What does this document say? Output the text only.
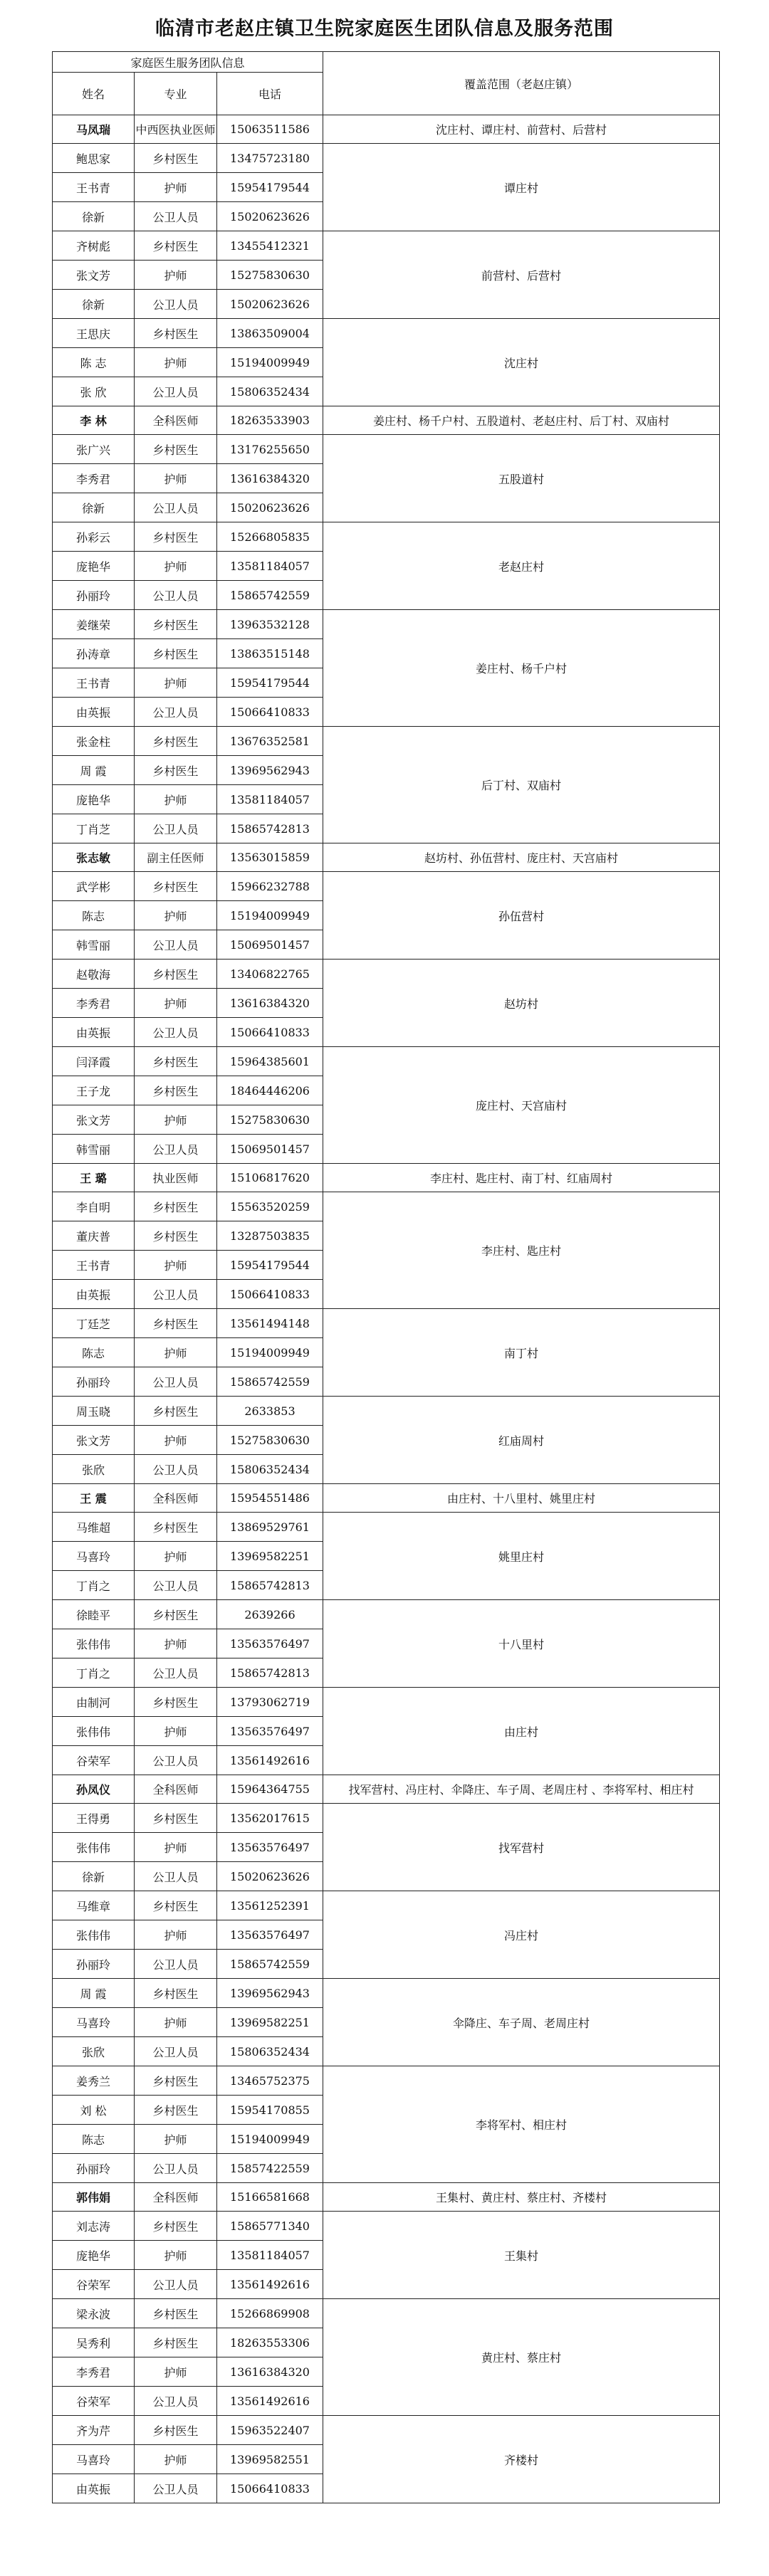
临清市老赵庄镇卫生院家庭医生团队信息及服务范围
家庭医生服务团队信息			覆盖范围（老赵庄镇）
姓名	专业	电话	
马凤瑞	中西医执业医师	15063511586	沈庄村、谭庄村、前营村、后营村
鲍思家	乡村医生	13475723180	谭庄村
王书青	护师	15954179544	
徐新	公卫人员	15020623626	
齐树彪	乡村医生	13455412321	前营村、后营村
张文芳	护师	15275830630	
徐新	公卫人员	15020623626	
王思庆	乡村医生	13863509004	沈庄村
陈 志	护师	15194009949	
张 欣	公卫人员	15806352434	
李 林	全科医师	18263533903	姜庄村、杨千户村、五股道村、老赵庄村、后丁村、双庙村
张广兴	乡村医生	13176255650	五股道村
李秀君	护师	13616384320	
徐新	公卫人员	15020623626	
孙彩云	乡村医生	15266805835	老赵庄村
庞艳华	护师	13581184057	
孙丽玲	公卫人员	15865742559	
姜继荣	乡村医生	13963532128	姜庄村、杨千户村
孙涛章	乡村医生	13863515148	
王书青	护师	15954179544	
由英振	公卫人员	15066410833	
张金柱	乡村医生	13676352581	后丁村、双庙村
周 霞	乡村医生	13969562943	
庞艳华	护师	13581184057	
丁肖芝	公卫人员	15865742813	
张志敏	副主任医师	13563015859	赵坊村、孙伍营村、庞庄村、天宫庙村
武学彬	乡村医生	15966232788	孙伍营村
陈志	护师	15194009949	
韩雪丽	公卫人员	15069501457	
赵敬海	乡村医生	13406822765	赵坊村
李秀君	护师	13616384320	
由英振	公卫人员	15066410833	
闫泽霞	乡村医生	15964385601	庞庄村、天宫庙村
王子龙	乡村医生	18464446206	
张文芳	护师	15275830630	
韩雪丽	公卫人员	15069501457	
王 璐	执业医师	15106817620	李庄村、匙庄村、南丁村、红庙周村
李自明	乡村医生	15563520259	李庄村、匙庄村
董庆普	乡村医生	13287503835	
王书青	护师	15954179544	
由英振	公卫人员	15066410833	
丁廷芝	乡村医生	13561494148	南丁村
陈志	护师	15194009949	
孙丽玲	公卫人员	15865742559	
周玉晓	乡村医生	2633853	红庙周村
张文芳	护师	15275830630	
张欣	公卫人员	15806352434	
王 震	全科医师	15954551486	由庄村、十八里村、姚里庄村
马维超	乡村医生	13869529761	姚里庄村
马喜玲	护师	13969582251	
丁肖之	公卫人员	15865742813	
徐睦平	乡村医生	2639266	十八里村
张伟伟	护师	13563576497	
丁肖之	公卫人员	15865742813	
由制河	乡村医生	13793062719	由庄村
张伟伟	护师	13563576497	
谷荣军	公卫人员	13561492616	
孙凤仪	全科医师	15964364755	找军营村、冯庄村、伞降庄、车子周、老周庄村 、李将军村、相庄村
王得勇	乡村医生	13562017615	找军营村
张伟伟	护师	13563576497	
徐新	公卫人员	15020623626	
马维章	乡村医生	13561252391	冯庄村
张伟伟	护师	13563576497	
孙丽玲	公卫人员	15865742559	
周 霞	乡村医生	13969562943	伞降庄、车子周、老周庄村
马喜玲	护师	13969582251	
张欣	公卫人员	15806352434	
姜秀兰	乡村医生	13465752375	李将军村、相庄村
刘 松	乡村医生	15954170855	
陈志	护师	15194009949	
孙丽玲	公卫人员	15857422559	
郭伟娟	全科医师	15166581668	王集村、黄庄村、蔡庄村、齐楼村
刘志涛	乡村医生	15865771340	王集村
庞艳华	护师	13581184057	
谷荣军	公卫人员	13561492616	
梁永波	乡村医生	15266869908	黄庄村、蔡庄村
吴秀利	乡村医生	18263553306	
李秀君	护师	13616384320	
谷荣军	公卫人员	13561492616	
齐为芹	乡村医生	15963522407	齐楼村
马喜玲	护师	13969582551	
由英振	公卫人员	15066410833	
